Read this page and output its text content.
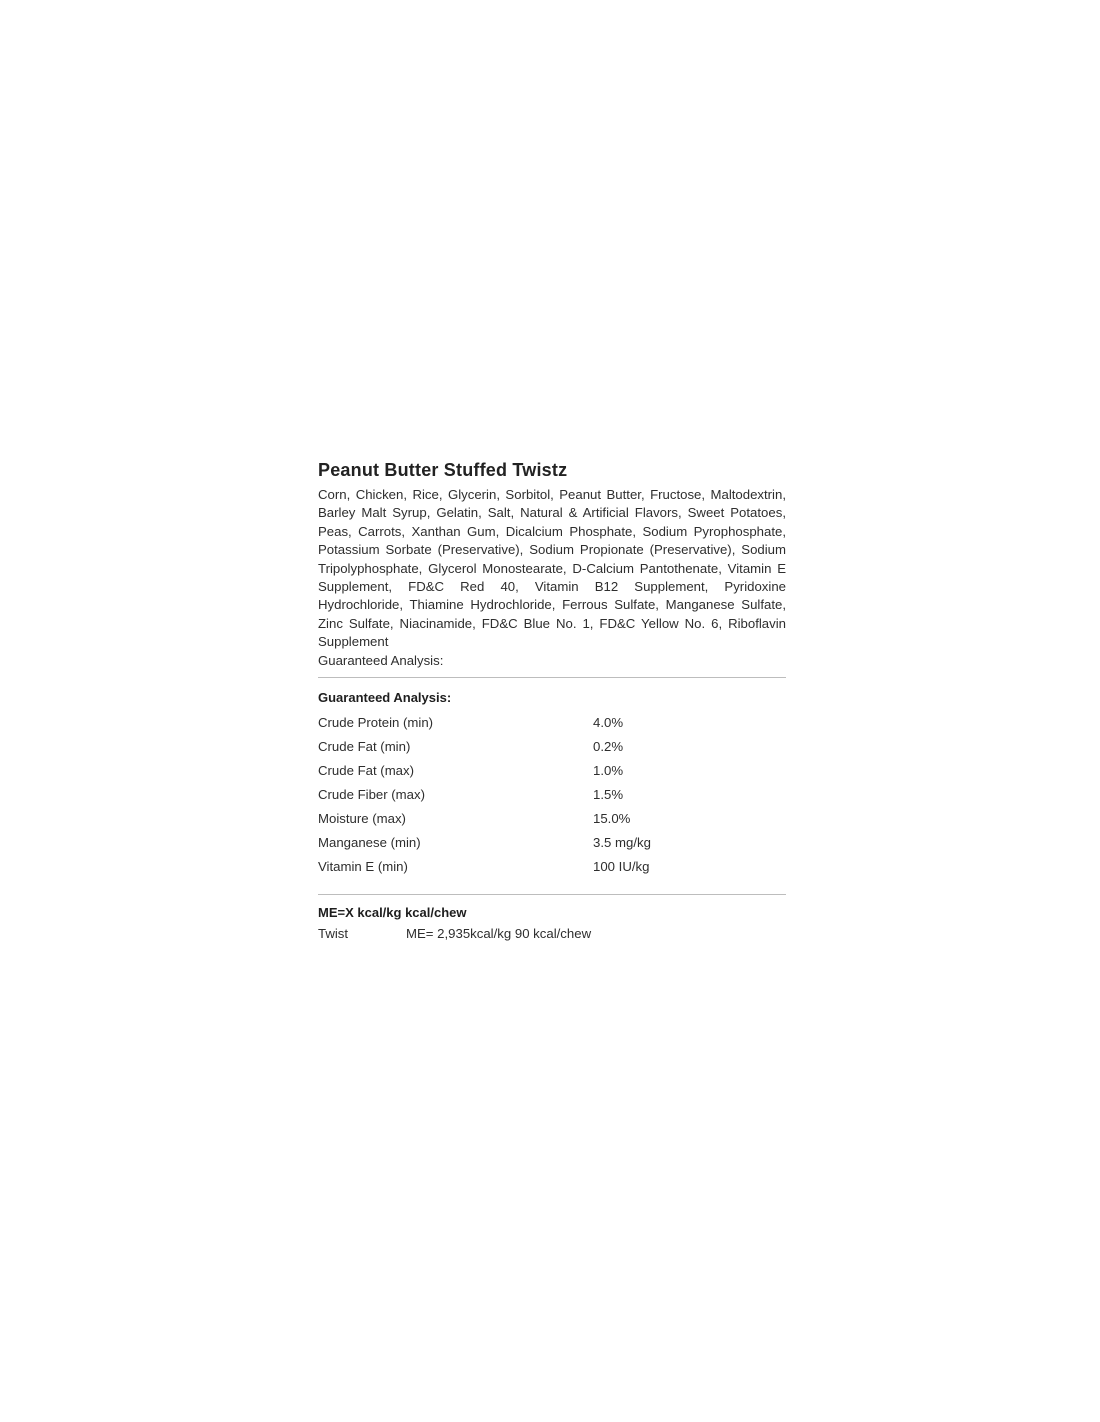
Peanut Butter Stuffed Twistz

Corn, Chicken, Rice, Glycerin, Sorbitol, Peanut Butter, Fructose, Maltodextrin, Barley Malt Syrup, Gelatin, Salt, Natural & Artificial Flavors, Sweet Potatoes, Peas, Carrots, Xanthan Gum, Dicalcium Phosphate, Sodium Pyrophosphate, Potassium Sorbate (Preservative), Sodium Propionate (Preservative), Sodium Tripolyphosphate, Glycerol Monostearate, D-Calcium Pantothenate, Vitamin E Supplement, FD&C Red 40, Vitamin B12 Supplement, Pyridoxine Hydrochloride, Thiamine Hydrochloride, Ferrous Sulfate, Manganese Sulfate, Zinc Sulfate, Niacinamide, FD&C Blue No. 1, FD&C Yellow No. 6, Riboflavin Supplement

Guaranteed Analysis:

Guaranteed Analysis:
Crude Protein (min)	4.0%
Crude Fat (min)	0.2%
Crude Fat (max)	1.0%
Crude Fiber (max)	1.5%
Moisture (max)	15.0%
Manganese (min)	3.5 mg/kg
Vitamin E (min)	100 IU/kg
ME=X kcal/kg kcal/chew
Twist	ME= 2,935kcal/kg 90 kcal/chew
